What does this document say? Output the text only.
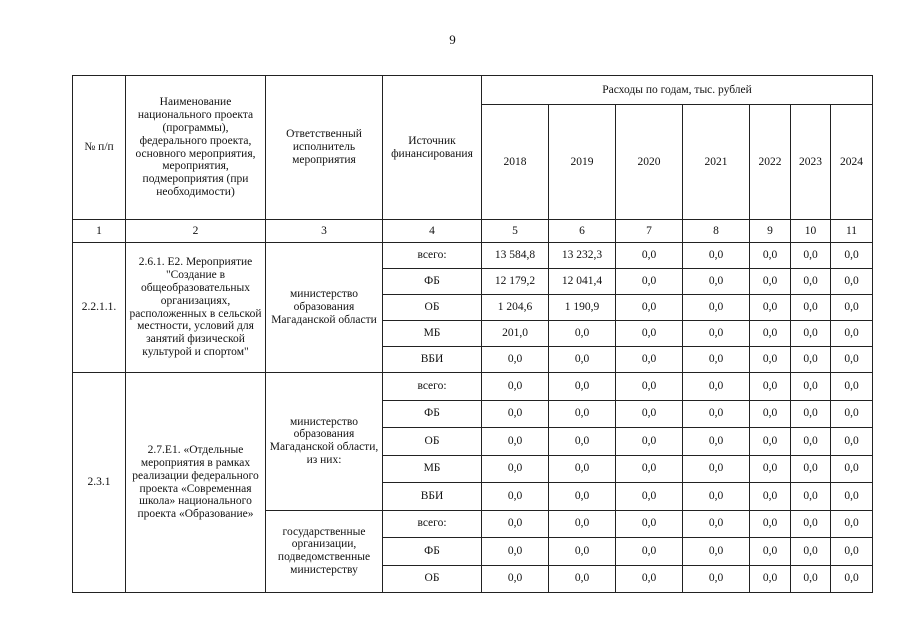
9
№ п/п	Наименование национального проекта (программы), федерального проекта, основного мероприятия, мероприятия, подмероприятия (при необходимости)	Ответственный исполнитель мероприятия	Источник финансирования	Расходы по годам, тыс. рублей						
				2018	2019	2020	2021	2022	2023	2024
1	2	3	4	5	6	7	8	9	10	11
2.2.1.1.	2.6.1. Е2. Мероприятие "Создание в общеобразовательных организациях, расположенных в сельской местности, условий для занятий физической культурой и спортом"	министерство образования Магаданской области	всего:	13 584,8	13 232,3	0,0	0,0	0,0	0,0	0,0
			ФБ	12 179,2	12 041,4	0,0	0,0	0,0	0,0	0,0
			ОБ	1 204,6	1 190,9	0,0	0,0	0,0	0,0	0,0
			МБ	201,0	0,0	0,0	0,0	0,0	0,0	0,0
			ВБИ	0,0	0,0	0,0	0,0	0,0	0,0	0,0
2.3.1	2.7.Е1. «Отдельные мероприятия в рамках реализации федерального проекта «Современная школа» национального проекта «Образование»	министерство образования Магаданской области, из них:	всего:	0,0	0,0	0,0	0,0	0,0	0,0	0,0
			ФБ	0,0	0,0	0,0	0,0	0,0	0,0	0,0
			ОБ	0,0	0,0	0,0	0,0	0,0	0,0	0,0
			МБ	0,0	0,0	0,0	0,0	0,0	0,0	0,0
			ВБИ	0,0	0,0	0,0	0,0	0,0	0,0	0,0
		государственные организации, подведомственные министерству	всего:	0,0	0,0	0,0	0,0	0,0	0,0	0,0
			ФБ	0,0	0,0	0,0	0,0	0,0	0,0	0,0
			ОБ	0,0	0,0	0,0	0,0	0,0	0,0	0,0
